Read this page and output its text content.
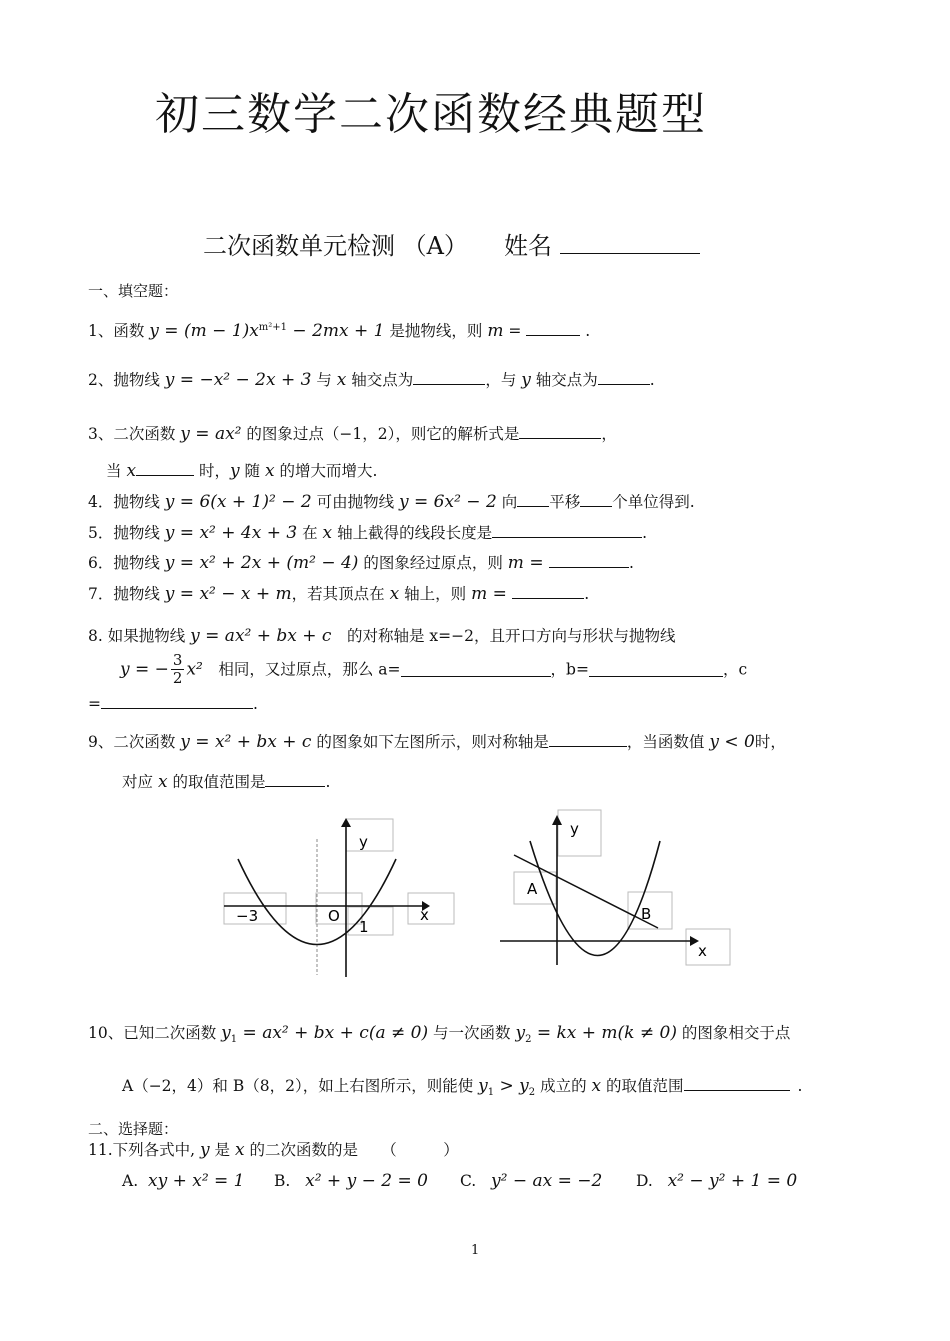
初三数学二次函数经典题型
二次函数单元检测 （A）　　姓名
一、填空题：
1、函数 $y = (m - 1)x^{m^2+1} - 2mx + 1$ 是抛物线，则 m =	.
2、抛物线 y = −x² − 2x + 3 与 x 轴交点为	，与 y 轴交点为	.
3、二次函数 y = ax² 的图象过点（−1，2），则它的解析式是	，
当 x	时，y 随 x 的增大而增大.
4．抛物线 y = 6(x + 1)² − 2 可由抛物线 y = 6x² − 2 向 平移 个单位得到.
5．抛物线 y = x² + 4x + 3 在 x 轴上截得的线段长度是	.
6．抛物线 y = x² + 2x + (m² − 4) 的图象经过原点，则 m =	.
7．抛物线 y = x² − x + m，若其顶点在 x 轴上，则 m =	.
8. 如果抛物线 y = ax² + bx + c　的对称轴是 x=−2，且开口方向与形状与抛物线
y = − $\frac{3}{2} x^2$　相同，又过原点，那么 a=	，b=	，c
=	.
9、二次函数 y = x² + bx + c 的图象如下左图所示，则对称轴是	，当函数值 y < 0时，
对应 x 的取值范围是	.
y
x
O
−3
1
y
A
B
x
10、已知二次函数 $y_1 = ax^2$ + bx + c(a ≠ 0) 与一次函数 $y_2$ = kx + m(k ≠ 0) 的图象相交于点
A（−2，4）和 B（8，2），如上右图所示，则能使 $y_1 > y_2$ 成立的 x 的取值范围	.
二、选择题：
11.下列各式中, y 是 x 的二次函数的是　　（　　　）
A. xy + x² = 1 B. x² + y − 2 = 0 C. y² − ax = −2 D. x² − y² + 1 = 0
1
